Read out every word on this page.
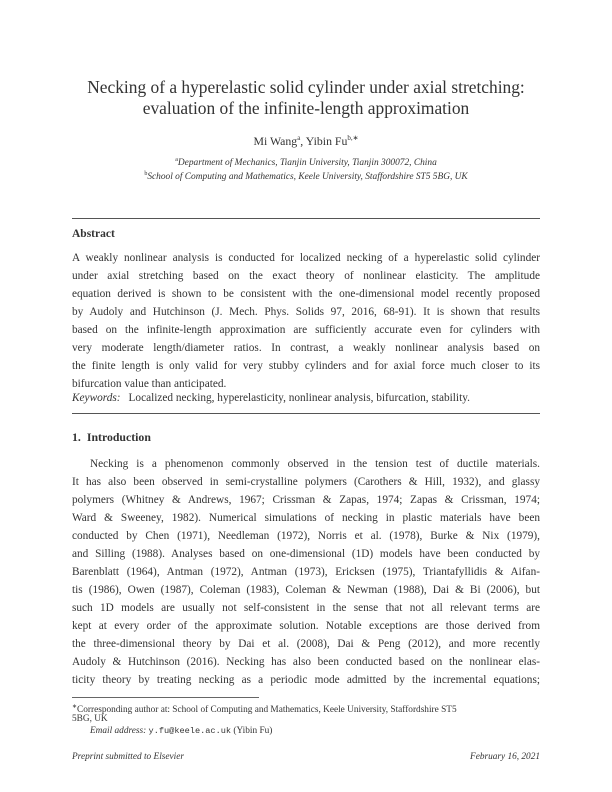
Necking of a hyperelastic solid cylinder under axial stretching:
evaluation of the infinite-length approximation
Mi Wang$^a$, Yibin $Fu^{b,∗}$
$^a$Department of Mechanics, Tianjin University, Tianjin 300072, China
$^b$School of Computing and Mathematics, Keele University, Staffordshire ST5 5BG, UK
Abstract
A weakly nonlinear analysis is conducted for localized necking of a hyperelastic solid cylinder
under axial stretching based on the exact theory of nonlinear elasticity. The amplitude
equation derived is shown to be consistent with the one-dimensional model recently proposed
by Audoly and Hutchinson (J. Mech. Phys. Solids 97, 2016, 68-91). It is shown that results
based on the infinite-length approximation are sufficiently accurate even for cylinders with
very moderate length/diameter ratios. In contrast, a weakly nonlinear analysis based on
the finite length is only valid for very stubby cylinders and for axial force much closer to its
bifurcation value than anticipated.
Keywords: Localized necking, hyperelasticity, nonlinear analysis, bifurcation, stability.
1. Introduction
Necking is a phenomenon commonly observed in the tension test of ductile materials.
It has also been observed in semi-crystalline polymers (Carothers & Hill, 1932), and glassy
polymers (Whitney & Andrews, 1967; Crissman & Zapas, 1974; Zapas & Crissman, 1974;
Ward & Sweeney, 1982). Numerical simulations of necking in plastic materials have been
conducted by Chen (1971), Needleman (1972), Norris et al. (1978), Burke & Nix (1979),
and Silling (1988). Analyses based on one-dimensional (1D) models have been conducted by
Barenblatt (1964), Antman (1972), Antman (1973), Ericksen (1975), Triantafyllidis & Aifan-
tis (1986), Owen (1987), Coleman (1983), Coleman & Newman (1988), Dai & Bi (2006), but
such 1D models are usually not self-consistent in the sense that not all relevant terms are
kept at every order of the approximate solution. Notable exceptions are those derived from
the three-dimensional theory by Dai et al. (2008), Dai & Peng (2012), and more recently
Audoly & Hutchinson (2016). Necking has also been conducted based on the nonlinear elas-
ticity theory by treating necking as a periodic mode admitted by the incremental equations;
∗Corresponding author at: School of Computing and Mathematics, Keele University, Staffordshire ST5
5BG, UK
Email address: y.fu@keele.ac.uk (Yibin Fu)
Preprint submitted to Elsevier	February 16, 2021
